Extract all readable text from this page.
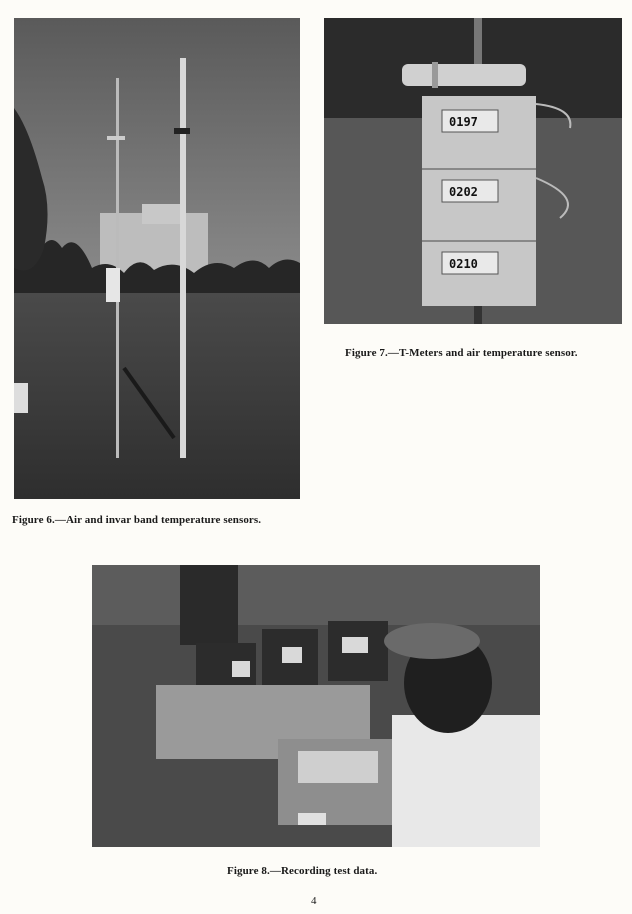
0197
0202
0210
Figure 6.—Air and invar band temperature sensors.
Figure 7.—T-Meters and air temperature sensor.
Figure 8.—Recording test data.
4
